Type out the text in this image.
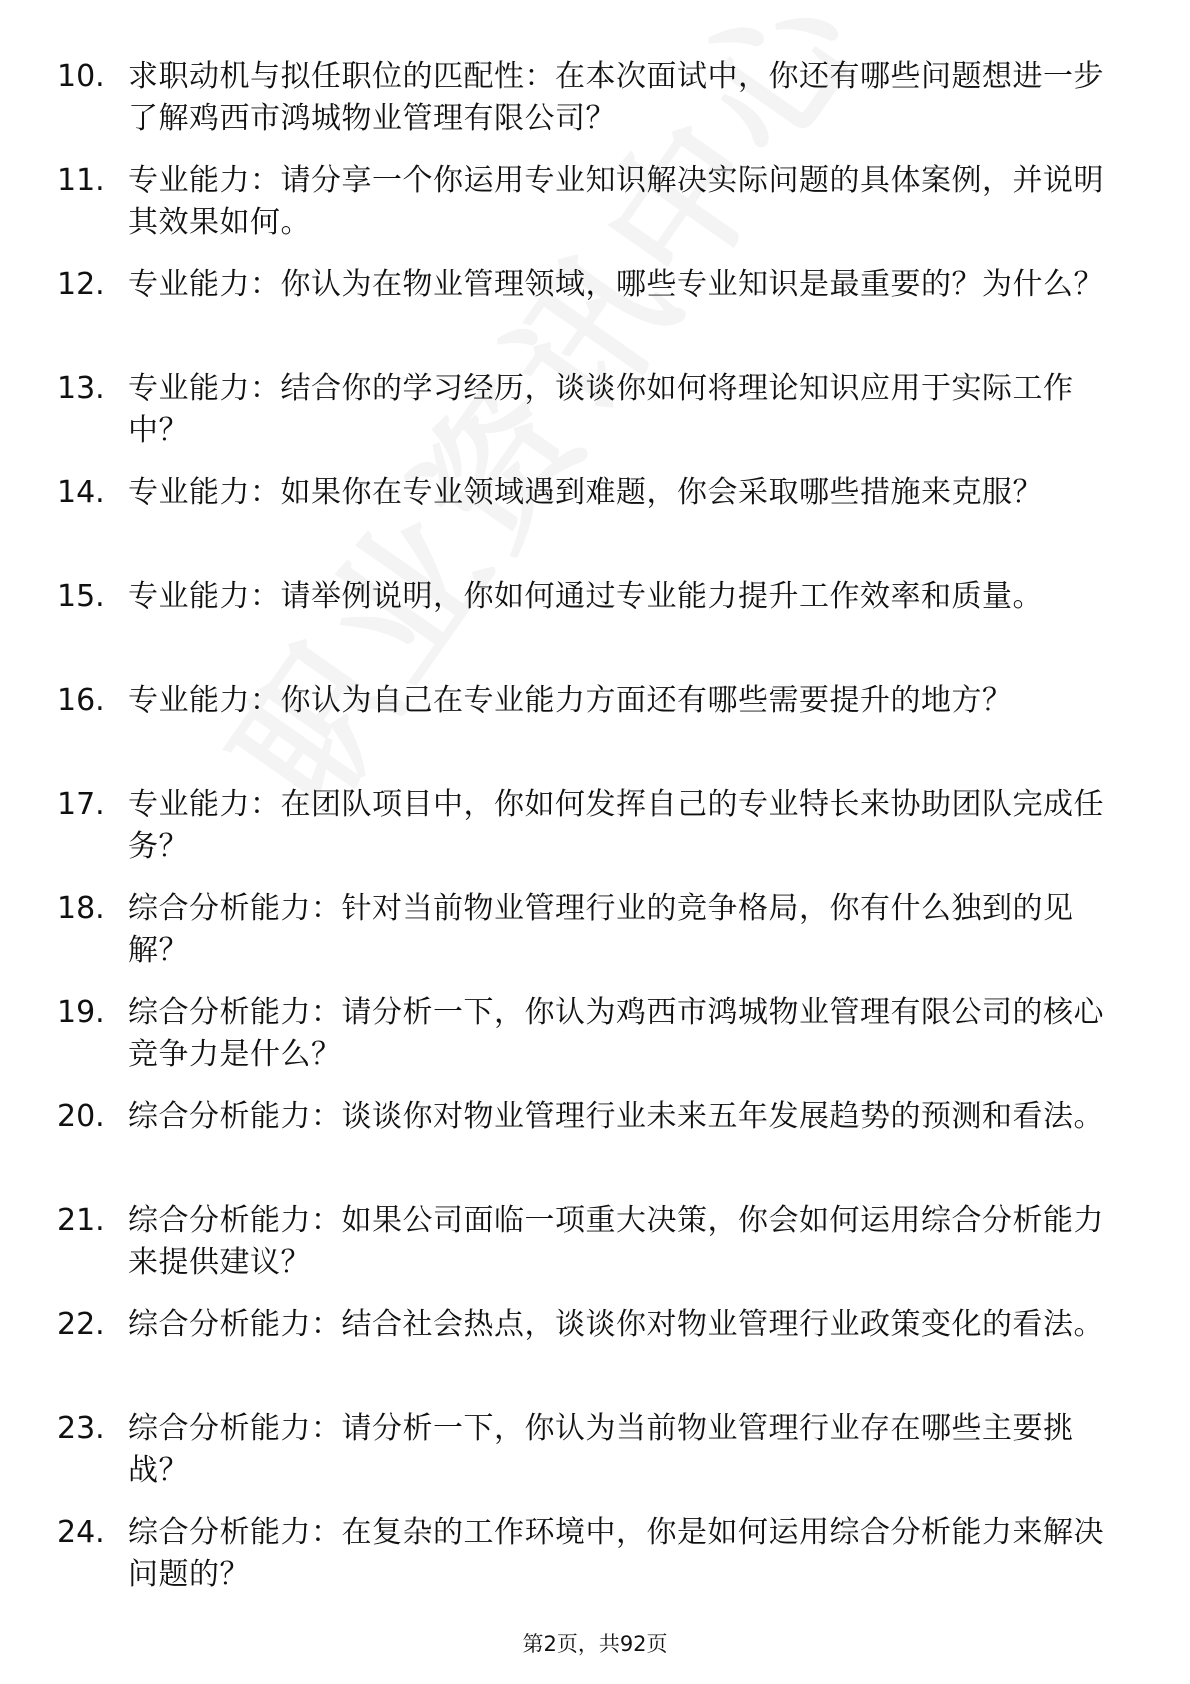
10. 求职动机与拟任职位的匹配性：在本次面试中，你还有哪些问题想进一步了解鸡西市鸿城物业管理有限公司？
11. 专业能力：请分享一个你运用专业知识解决实际问题的具体案例，并说明其效果如何。
12. 专业能力：你认为在物业管理领域，哪些专业知识是最重要的？为什么？
13. 专业能力：结合你的学习经历，谈谈你如何将理论知识应用于实际工作中？
14. 专业能力：如果你在专业领域遇到难题，你会采取哪些措施来克服？
15. 专业能力：请举例说明，你如何通过专业能力提升工作效率和质量。
16. 专业能力：你认为自己在专业能力方面还有哪些需要提升的地方？
17. 专业能力：在团队项目中，你如何发挥自己的专业特长来协助团队完成任务？
18. 综合分析能力：针对当前物业管理行业的竞争格局，你有什么独到的见解？
19. 综合分析能力：请分析一下，你认为鸡西市鸿城物业管理有限公司的核心竞争力是什么？
20. 综合分析能力：谈谈你对物业管理行业未来五年发展趋势的预测和看法。
21. 综合分析能力：如果公司面临一项重大决策，你会如何运用综合分析能力来提供建议？
22. 综合分析能力：结合社会热点，谈谈你对物业管理行业政策变化的看法。
23. 综合分析能力：请分析一下，你认为当前物业管理行业存在哪些主要挑战？
24. 综合分析能力：在复杂的工作环境中，你是如何运用综合分析能力来解决问题的？
第2页，共92页
